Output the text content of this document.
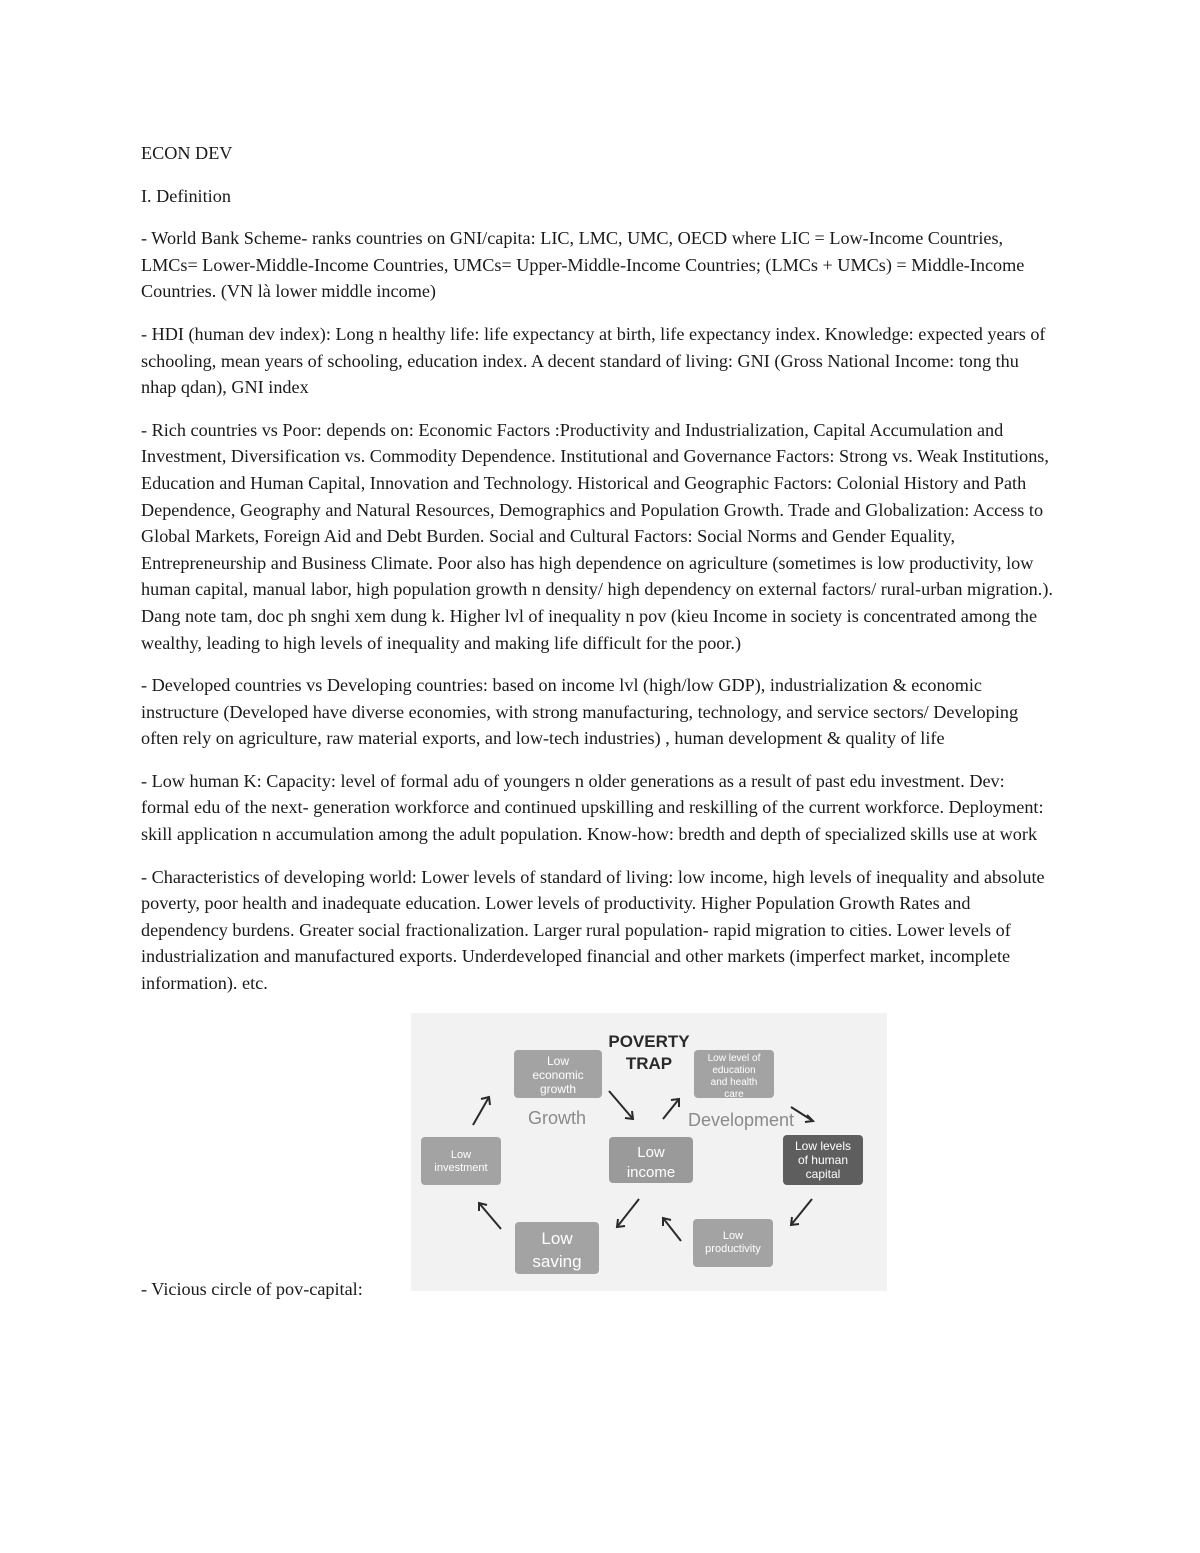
ECON DEV

I. Definition

- World Bank Scheme- ranks countries on GNI/capita: LIC, LMC, UMC, OECD where LIC = Low-Income Countries, LMCs= Lower-Middle-Income Countries, UMCs= Upper-Middle-Income Countries; (LMCs + UMCs) = Middle-Income Countries. (VN là lower middle income)

- HDI (human dev index): Long n healthy life: life expectancy at birth, life expectancy index. Knowledge: expected years of schooling, mean years of schooling, education index. A decent standard of living: GNI (Gross National Income: tong thu nhap qdan), GNI index

- Rich countries vs Poor: depends on: Economic Factors :Productivity and Industrialization, Capital Accumulation and Investment, Diversification vs. Commodity Dependence. Institutional and Governance Factors: Strong vs. Weak Institutions, Education and Human Capital, Innovation and Technology. Historical and Geographic Factors: Colonial History and Path Dependence, Geography and Natural Resources, Demographics and Population Growth. Trade and Globalization: Access to Global Markets, Foreign Aid and Debt Burden. Social and Cultural Factors: Social Norms and Gender Equality, Entrepreneurship and Business Climate. Poor also has high dependence on agriculture (sometimes is low productivity, low human capital, manual labor, high population growth n density/ high dependency on external factors/ rural-urban migration.). Dang note tam, doc ph snghi xem dung k. Higher lvl of inequality n pov (kieu Income in society is concentrated among the wealthy, leading to high levels of inequality and making life difficult for the poor.)

- Developed countries vs Developing countries: based on income lvl (high/low GDP), industrialization & economic instructure (Developed have diverse economies, with strong manufacturing, technology, and service sectors/ Developing often rely on agriculture, raw material exports, and low-tech industries) , human development & quality of life

- Low human K: Capacity: level of formal adu of youngers n older generations as a result of past edu investment. Dev: formal edu of the next- generation workforce and continued upskilling and reskilling of the current workforce. Deployment: skill application n accumulation among the adult population. Know-how: bredth and depth of specialized skills use at work

- Characteristics of developing world: Lower levels of standard of living: low income, high levels of inequality and absolute poverty, poor health and inadequate education. Lower levels of productivity. Higher Population Growth Rates and dependency burdens. Greater social fractionalization. Larger rural population- rapid migration to cities. Lower levels of industrialization and manufactured exports. Underdeveloped financial and other markets (imperfect market, incomplete information). etc.

- Vicious circle of pov-capital:
POVERTY
TRAP
Low
economic
growth
Low level of
education
and health
care
Growth	Development
Low
investment
Low
income
Low levels
of human
capital
Low
saving
Low
productivity
